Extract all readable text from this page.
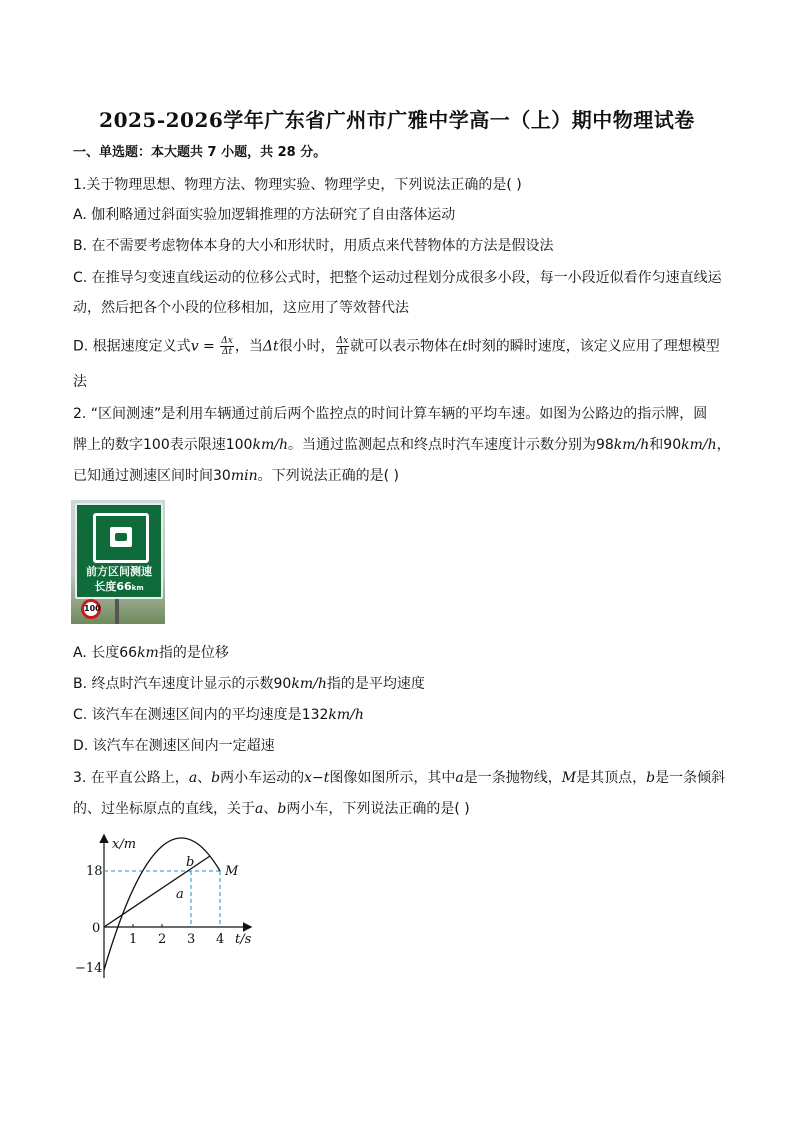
2025-2026学年广东省广州市广雅中学高一（上）期中物理试卷
一、单选题：本大题共 7 小题，共 28 分。
1.关于物理思想、物理方法、物理实验、物理学史，下列说法正确的是( )
A. 伽利略通过斜面实验加逻辑推理的方法研究了自由落体运动
B. 在不需要考虑物体本身的大小和形状时，用质点来代替物体的方法是假设法
C. 在推导匀变速直线运动的位移公式时，把整个运动过程划分成很多小段，每一小段近似看作匀速直线运
动，然后把各个小段的位移相加，这应用了等效替代法
D. 根据速度定义式$v = \frac{\Delta x}{\Delta t}$ ，当Δt很小时， $\frac{\Delta x}{\Delta t}$ 就可以表示物体在t时刻的瞬时速度，该定义应用了理想模型
法
2. “区间测速”是利用车辆通过前后两个监控点的时间计算车辆的平均车速。如图为公路边的指示牌，圆
牌上的数字100表示限速100km/h。当通过监测起点和终点时汽车速度计示数分别为98km/h和90km/h，
已知通过测速区间时间30min。下列说法正确的是( )
前方区间测速
长度66km
100
A. 长度66km指的是位移
B. 终点时汽车速度计显示的示数90km/h指的是平均速度
C. 该汽车在测速区间内的平均速度是132km/h
D. 该汽车在测速区间内一定超速
3. 在平直公路上，a、b两小车运动的x−t图像如图所示，其中a是一条抛物线，M是其顶点，b是一条倾斜
的、过坐标原点的直线，关于a、b两小车，下列说法正确的是( )
x/m
t/s
18
0
−14
1 2 3 4
b
a
M
